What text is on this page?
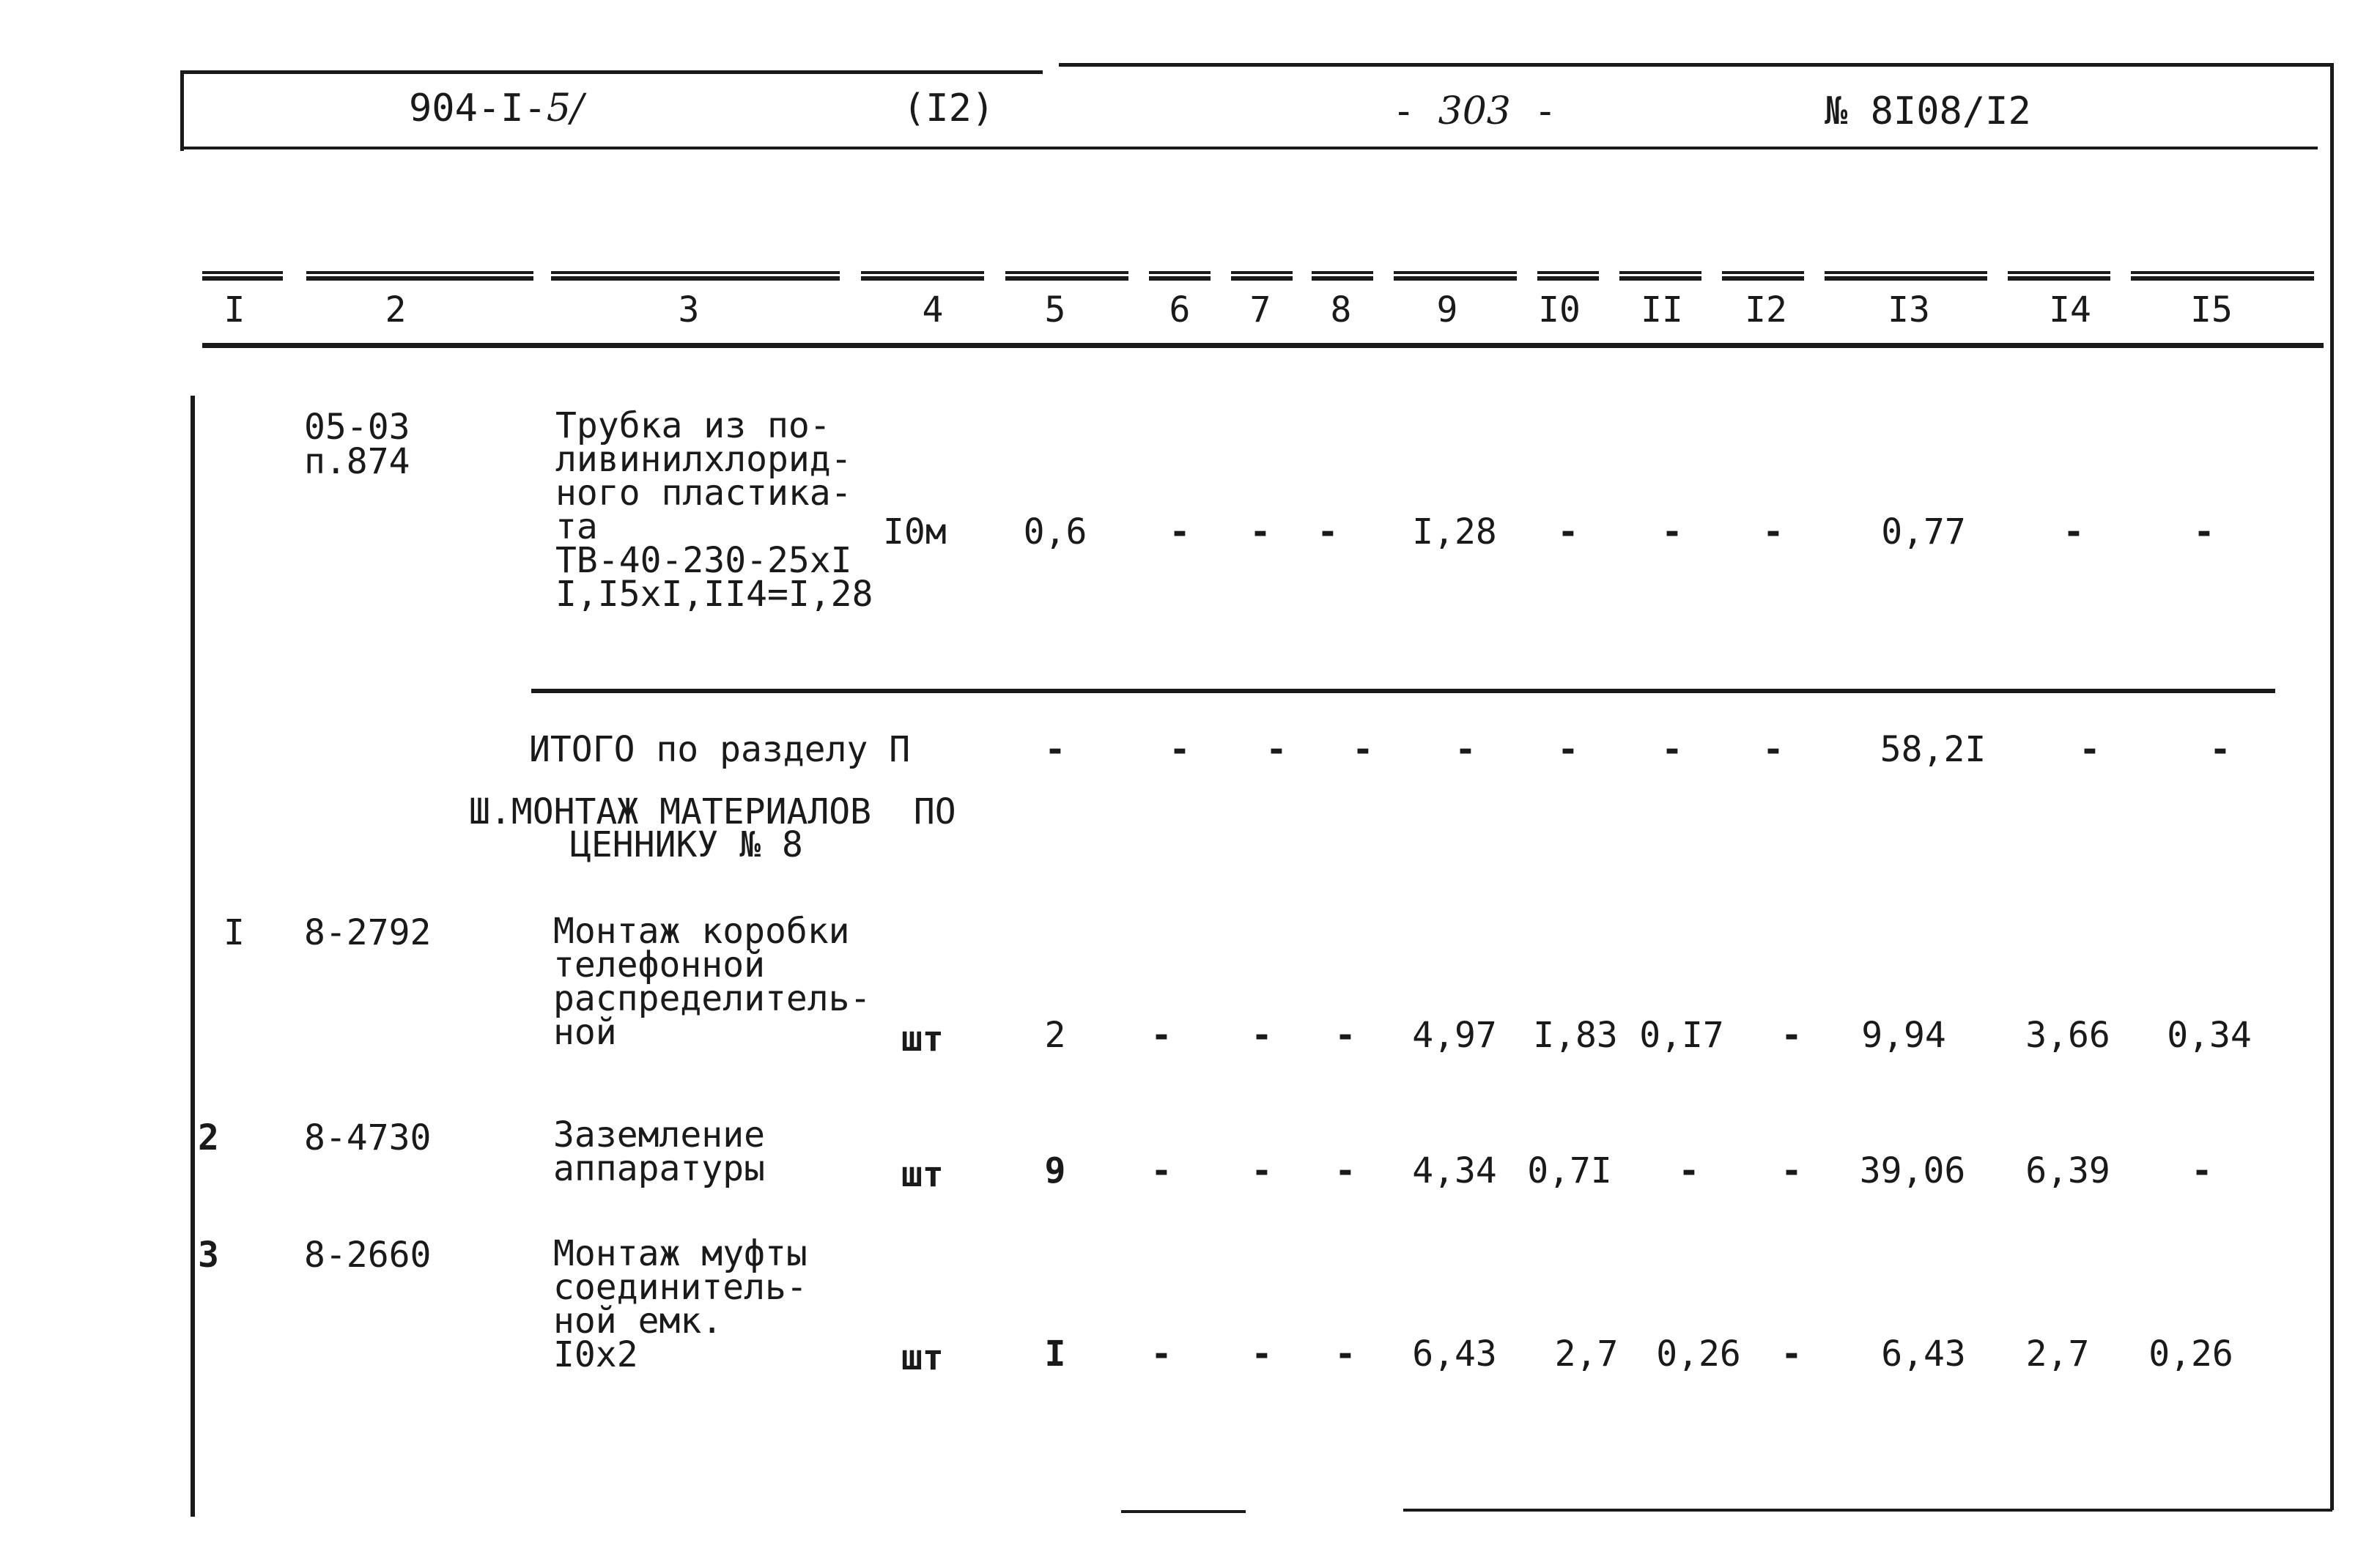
904-I-5/	(I2)	- 303 -	№ 8I08/I2
I	2	3	4	5	6 7 8 9 I0 II I2	I3	I4	I5
05-03
п.874
Трубка из по-
ливинилхлорид-
ного пластика-
та
ТВ-40-230-25хI
I,I5хI,II4=I,28
I0м 0,6 - - - I,28 - - -	0,77	-	-
ИТОГО по разделу П	-	- - - - - - -	58,2I	-	-
Ш.МОНТАЖ МАТЕРИАЛОВ  ПО
ЦЕННИКУ № 8
I 8-2792	Монтаж коробки
телефонной
распределитель-
ной	шт	2 - - - 4,97 I,83 0,I7 - 9,94 3,66 0,34
2 8-4730	Заземление
аппаратуры	шт	9 - - - 4,34 0,7I - - 39,06 6,39 -
3 8-2660	Монтаж муфты
соединитель-
ной емк.
I0х2	шт	I - - - 6,43 2,7 0,26 - 6,43 2,7 0,26
